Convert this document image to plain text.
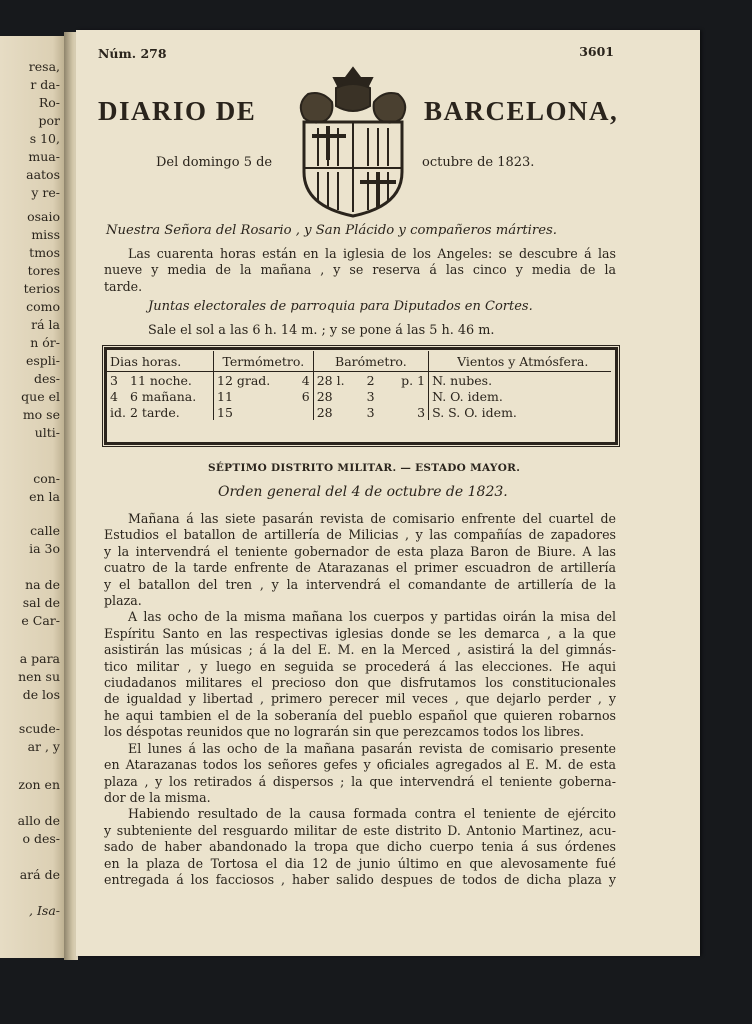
resa,
r da-
Ro-
por
s 10,
mua-
aatos
y re-
osaio
miss
tmos
tores
terios
como
rá la
n ór-
espli-
des-
que el
mo se
ulti-
con-
en la
calle
ia 3o
na de
sal de
e Car-
a para
nen su
de los
scude-
ar , y
zon en
allo de
o des-
ará de
, Isa-
Núm. 278	3601
DIARIO DE	BARCELONA,
Del domingo 5 de	octubre de 1823.
Nuestra Señora del Rosario , y San Plácido y compañeros mártires.

Las cuarenta horas están en la iglesia de los Angeles: se descubre á las

nueve y media de la mañana , y se reserva á las cinco y media de la

tarde.

Juntas electorales de parroquia para Diputados en Cortes.
Sale el sol a las 6 h. 14 m. ; y se pone á las 5 h. 46 m.
Dias horas.	Termómetro.		Barómetro.			Vientos y Atmósfera.
3 11 noche.	12 grad.	4	28 l.	2	p. 1	N. nubes.
4 6 mañana.	11	6	28	3		N. O. idem.
id. 2 tarde.	15		28	3	3	S. S. O. idem.
SÉPTIMO DISTRITO MILITAR. — ESTADO MAYOR.
Orden general del 4 de octubre de 1823.

Mañana á las siete pasarán revista de comisario enfrente del cuartel de

Estudios el batallon de artillería de Milicias , y las compañías de zapadores

y la intervendrá el teniente gobernador de esta plaza Baron de Biure. A las

cuatro de la tarde enfrente de Atarazanas el primer escuadron de artillería

y el batallon del tren , y la intervendrá el comandante de artillería de la

plaza.

A las ocho de la misma mañana los cuerpos y partidas oirán la misa del

Espíritu Santo en las respectivas iglesias donde se les demarca , a la que

asistirán las músicas ; á la del E. M. en la Merced , asistirá la del gimnás-

tico militar , y luego en seguida se procederá á las elecciones. He aqui

ciudadanos militares el precioso don que disfrutamos los constitucionales

de igualdad y libertad , primero perecer mil veces , que dejarlo perder , y

he aqui tambien el de la soberanía del pueblo español que quieren robarnos

los déspotas reunidos que no lograrán sin que perezcamos todos los libres.

El lunes á las ocho de la mañana pasarán revista de comisario presente

en Atarazanas todos los señores gefes y oficiales agregados al E. M. de esta

plaza , y los retirados á dispersos ; la que intervendrá el teniente goberna-

dor de la misma.

Habiendo resultado de la causa formada contra el teniente de ejército

y subteniente del resguardo militar de este distrito D. Antonio Martinez, acu-

sado de haber abandonado la tropa que dicho cuerpo tenia á sus órdenes

en la plaza de Tortosa el dia 12 de junio último en que alevosamente fué

entregada á los facciosos , haber salido despues de todos de dicha plaza y
